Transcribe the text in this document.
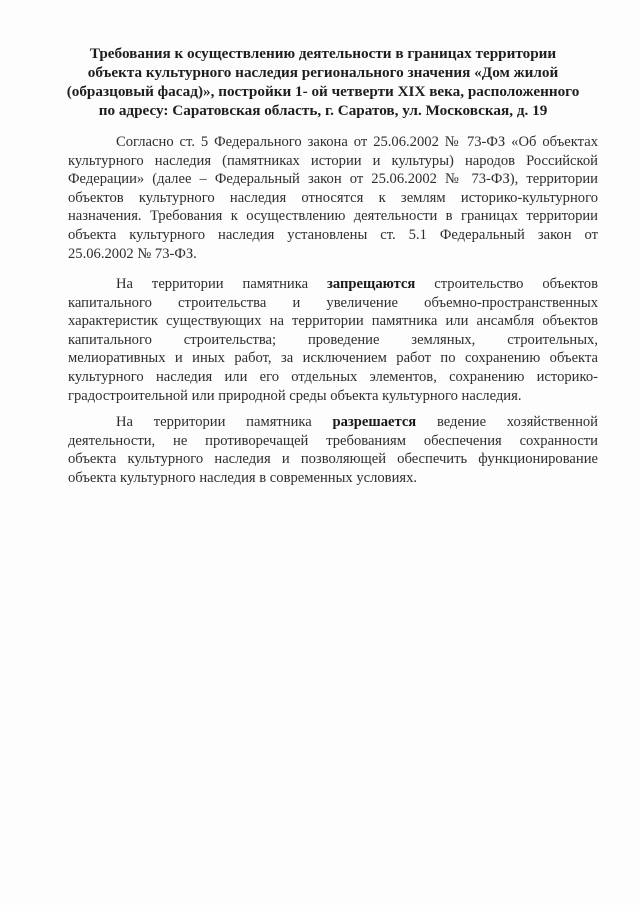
Требования к осуществлению деятельности в границах территории
объекта культурного наследия регионального значения «Дом жилой
(образцовый фасад)», постройки 1- ой четверти XIX века, расположенного
по адресу: Саратовская область, г. Саратов, ул. Московская, д. 19
Согласно ст. 5 Федерального закона от 25.06.2002 № 73-ФЗ «Об объектах
культурного наследия (памятниках истории и культуры) народов Российской
Федерации» (далее – Федеральный закон от 25.06.2002 № 73-ФЗ), территории
объектов культурного наследия относятся к землям историко-культурного
назначения. Требования к осуществлению деятельности в границах территории
объекта культурного наследия установлены ст. 5.1 Федеральный закон от
25.06.2002 № 73-ФЗ.
На территории памятника запрещаются строительство объектов
капитального строительства и увеличение объемно-пространственных
характеристик существующих на территории памятника или ансамбля объектов
капитального строительства; проведение земляных, строительных,
мелиоративных и иных работ, за исключением работ по сохранению объекта
культурного наследия или его отдельных элементов, сохранению историко-
градостроительной или природной среды объекта культурного наследия.
На территории памятника разрешается ведение хозяйственной
деятельности, не противоречащей требованиям обеспечения сохранности
объекта культурного наследия и позволяющей обеспечить функционирование
объекта культурного наследия в современных условиях.
